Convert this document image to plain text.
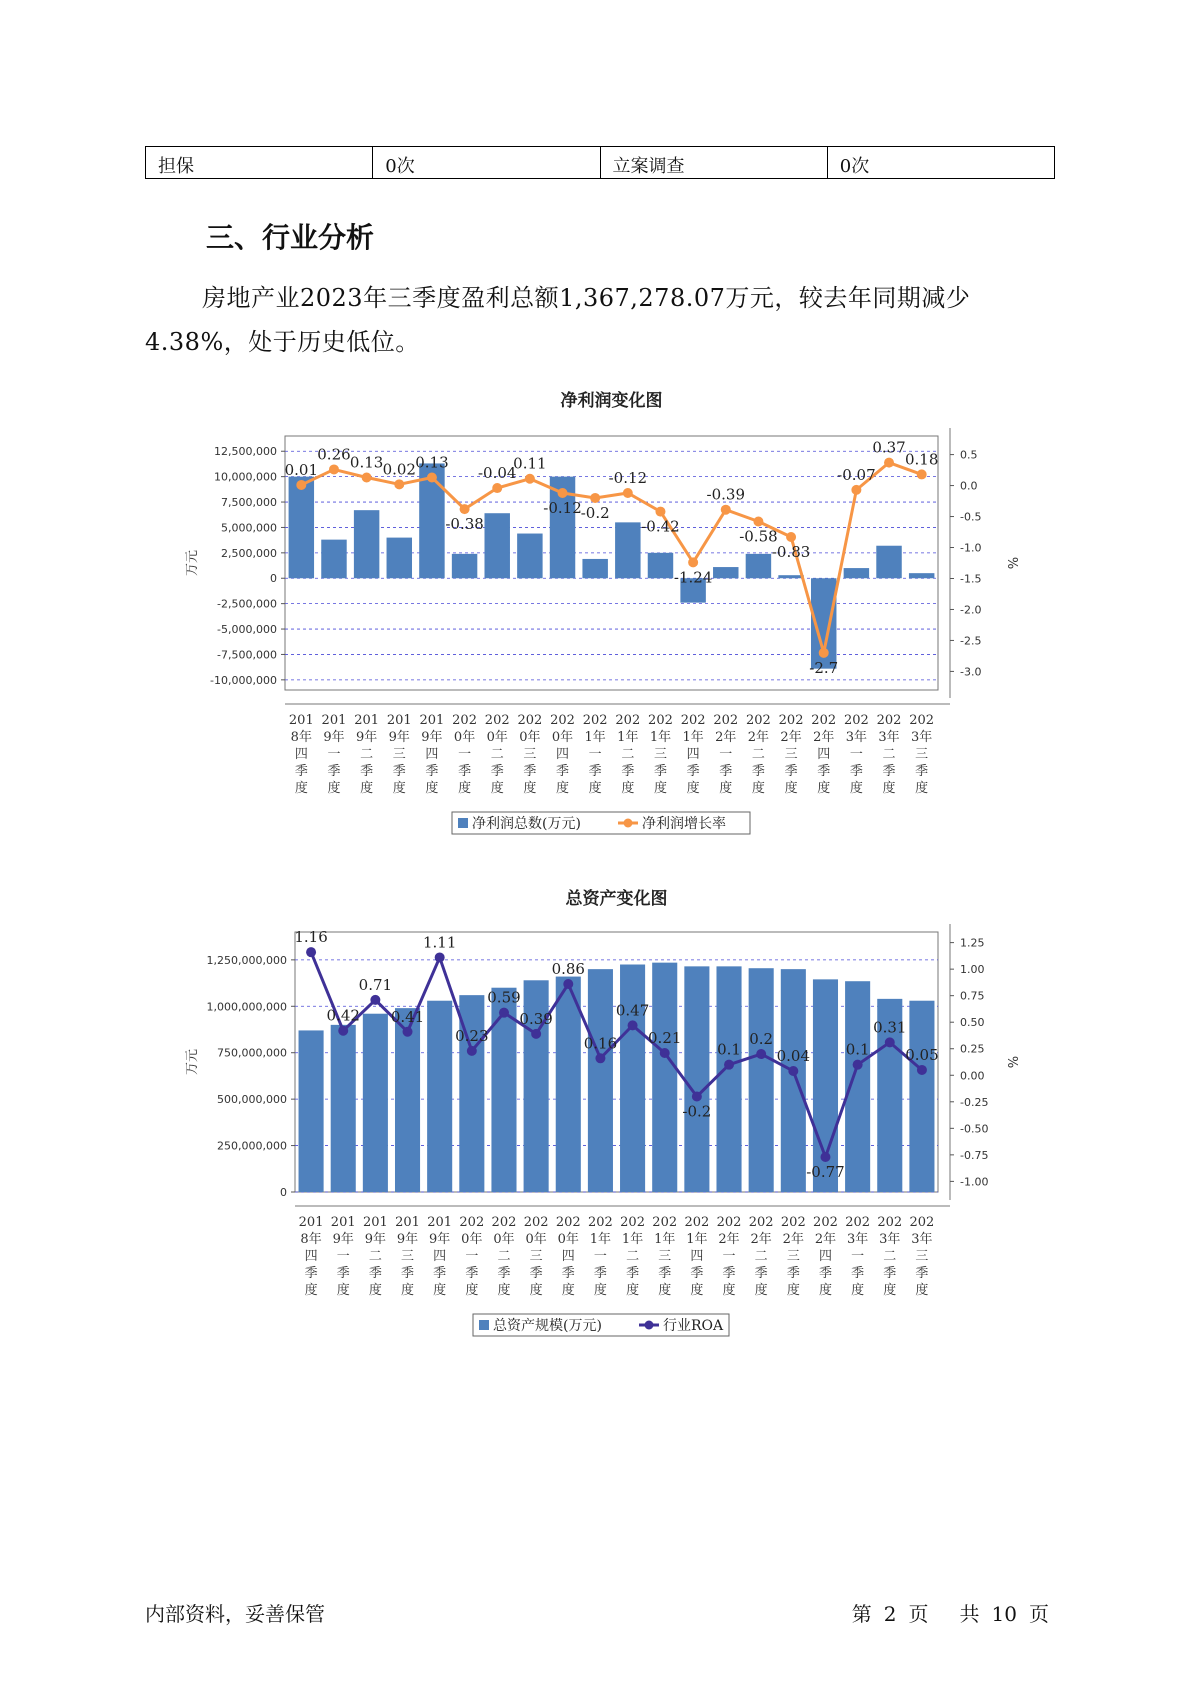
担保	0次	立案调查	0次
三、行业分析

房地产业2023年三季度盈利总额1,367,278.07万元，较去年同期减少4.38%，处于历史低位。

净利润变化图
12,500,000
10,000,000
7,500,000
5,000,000
2,500,000
0
-2,500,000
-5,000,000
-7,500,000
-10,000,000
0.5
0.0
-0.5
-1.0
-1.5
-2.0
-2.5
-3.0
万元	%
201 8年四季度
201 9年一季度
201 9年二季度
201 9年三季度
201 9年四季度
202 0年一季度
202 0年二季度
202 0年三季度
202 0年四季度
202 1年一季度
202 1年二季度
202 1年三季度
202 1年四季度
202 2年一季度
202 2年二季度
202 2年三季度
202 2年四季度
202 3年一季度
202 3年二季度
202 3年三季度
0.01
0.26 0.13 0.02 0.13
-0.38
-0.04
0.11
-0.12
-0.2
-0.12
-0.42
-1.24
-0.39
-0.58
-0.83
-2.7
-0.07
0.37
0.18
净利润总数(万元)	净利润增长率
总资产变化图
1,250,000,000
1,000,000,000
750,000,000
500,000,000
250,000,000
0
1.25
1.00
0.75
0.50
0.25
0.00
-0.25
-0.50
-0.75
-1.00
万元	%
201 8年四季度
201 9年一季度
201 9年二季度
201 9年三季度
201 9年四季度
202 0年一季度
202 0年二季度
202 0年三季度
202 0年四季度
202 1年一季度
202 1年二季度
202 1年三季度
202 1年四季度
202 2年一季度
202 2年二季度
202 2年三季度
202 2年四季度
202 3年一季度
202 3年二季度
202 3年三季度
1.16
0.42
0.71
0.41
1.11
0.23
0.59
0.39
0.86
0.16
0.47
0.21
-0.2
0.1
0.2
0.04
-0.77
0.1
0.31
0.05
总资产规模(万元)	行业ROA
内部资料，妥善保管	第 2 页 共 10 页
